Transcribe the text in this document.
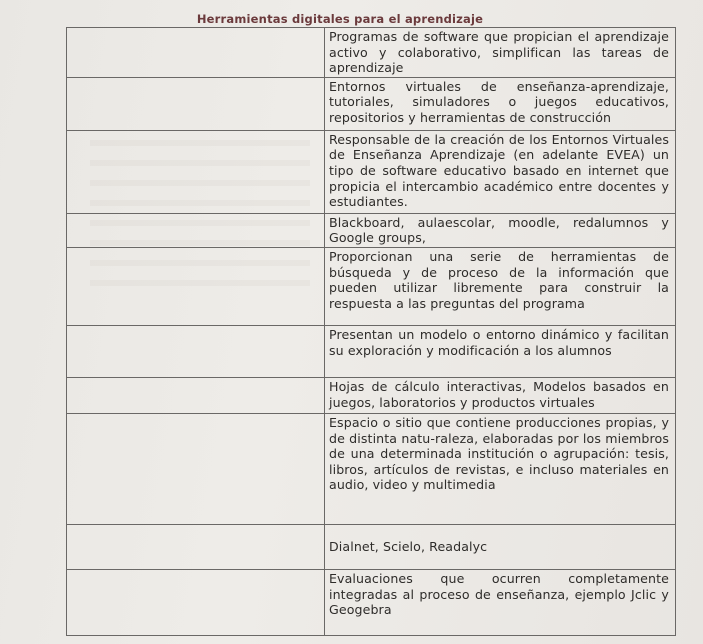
Herramientas digitales para el aprendizaje
	Programas de software que propician el aprendizaje activo y colaborativo, simplifican las tareas de aprendizaje
	Entornos virtuales de enseñanza-aprendizaje, tutoriales, simuladores o juegos educativos, repositorios y herramientas de construcción
	Responsable de la creación de los Entornos Virtuales de Enseñanza Aprendizaje (en adelante EVEA) un tipo de software educativo basado en internet que propicia el intercambio académico entre docentes y estudiantes.
	Blackboard, aulaescolar, moodle, redalumnos y Google groups,
	Proporcionan una serie de herramientas de búsqueda y de proceso de la información que pueden utilizar libremente para construir la respuesta a las preguntas del programa
	Presentan un modelo o entorno dinámico y facilitan su exploración y modificación a los alumnos
	Hojas de cálculo interactivas, Modelos basados en juegos, laboratorios y productos virtuales
	Espacio o sitio que contiene producciones propias, y de distinta natu-raleza, elaboradas por los miembros de una determinada institución o agrupación: tesis, libros, artículos de revistas, e incluso materiales en audio, video y multimedia
	Dialnet, Scielo, Readalyc
	Evaluaciones que ocurren completamente integradas al proceso de enseñanza, ejemplo Jclic y Geogebra
